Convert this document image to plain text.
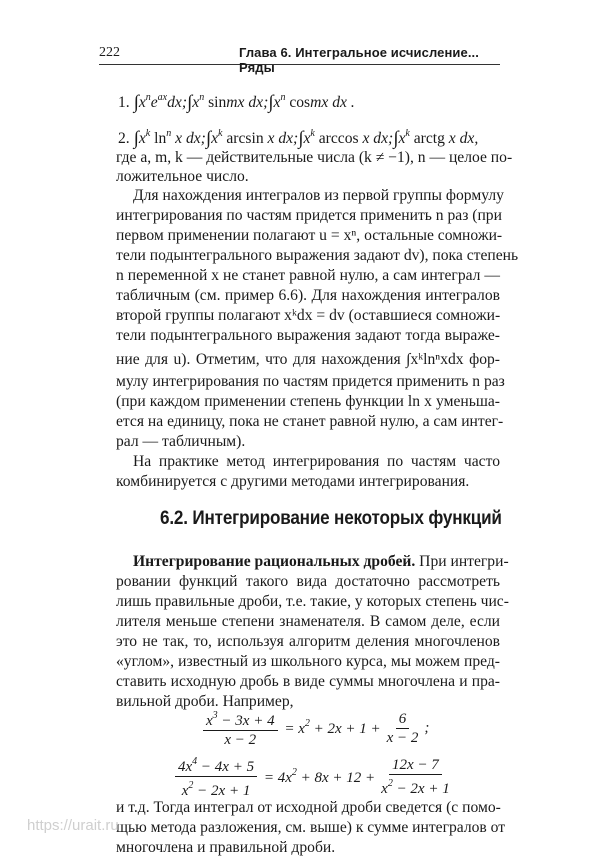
222	Глава 6. Интегральное исчисление... Ряды
1. $\int x^ne^{ax}dx;\int x^n$ sinmx $dx;\int x^n$ cosmx dx .
2. $\int x^k$ $\ln^n x$ $dx;\int x^k$ arcsin x $dx;\int x^k$ arccos x $dx;\int x^k$ arctg x dx,
где a, m, k — действительные числа (k ≠ −1), n — целое по-
ложительное число.
Для нахождения интегралов из первой группы формулу
интегрирования по частям придется применить n раз (при
первом применении полагают u = xⁿ, остальные сомножи-
тели подынтегрального выражения задают dv), пока степень
n переменной x не станет равной нулю, а сам интеграл —
табличным (см. пример 6.6). Для нахождения интегралов
второй группы полагают xᵏdx = dv (оставшиеся сомножи-
тели подынтегрального выражения задают тогда выраже-
ние для u). Отметим, что для нахождения ∫xᵏlnⁿxdx фор-
мулу интегрирования по частям придется применить n раз
(при каждом применении степень функции ln x уменьша-
ется на единицу, пока не станет равной нулю, а сам интег-
рал — табличным).
На практике метод интегрирования по частям часто
комбинируется с другими методами интегрирования.
6.2. Интегрирование некоторых функций
Интегрирование рациональных дробей. При интегри-
ровании функций такого вида достаточно рассмотреть
лишь правильные дроби, т.е. такие, у которых степень чис-
лителя меньше степени знаменателя. В самом деле, если
это не так, то, используя алгоритм деления многочленов
«углом», известный из школьного курса, мы можем пред-
ставить исходную дробь в виде суммы многочлена и пра-
вильной дроби. Например,
$\frac{x^3 - 3x + 4}{x - 2} = x^2 + 2x + 1 + \frac{6}{x - 2}$ ;
$\frac{4x^4 - 4x + 5}{x^2 - 2x + 1} = 4x^2 + 8x + 12 + \frac{12x - 7}{x^2 - 2x + 1}$
и т.д. Тогда интеграл от исходной дроби сведется (с помо-
щью метода разложения, см. выше) к сумме интегралов от
многочлена и правильной дроби.
https://urait.ru
